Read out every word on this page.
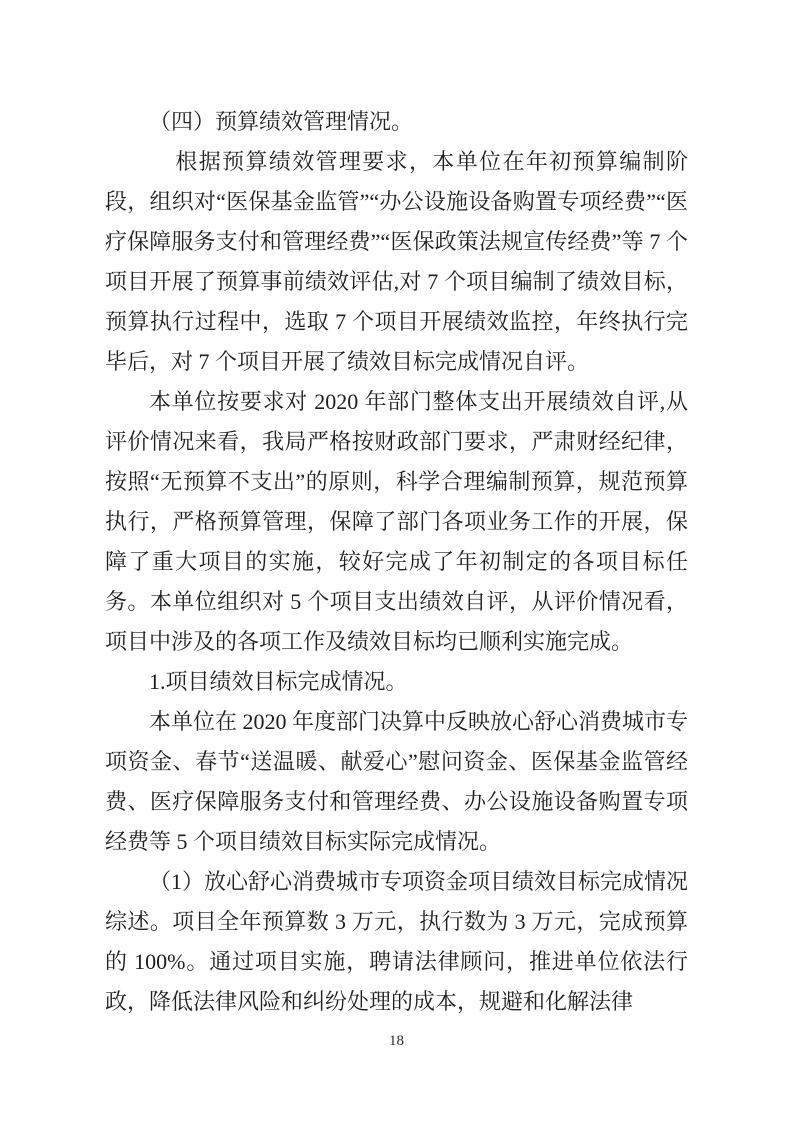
（四）预算绩效管理情况。

根据预算绩效管理要求，本单位在年初预算编制阶段，组织对“医保基金监管”“办公设施设备购置专项经费”“医疗保障服务支付和管理经费”“医保政策法规宣传经费”等 7 个项目开展了预算事前绩效评估,对 7 个项目编制了绩效目标，预算执行过程中，选取 7 个项目开展绩效监控，年终执行完毕后，对 7 个项目开展了绩效目标完成情况自评。

本单位按要求对 2020 年部门整体支出开展绩效自评,从评价情况来看，我局严格按财政部门要求，严肃财经纪律，按照“无预算不支出”的原则，科学合理编制预算，规范预算执行，严格预算管理，保障了部门各项业务工作的开展，保障了重大项目的实施，较好完成了年初制定的各项目标任务。本单位组织对 5 个项目支出绩效自评，从评价情况看，项目中涉及的各项工作及绩效目标均已顺利实施完成。

1.项目绩效目标完成情况。

本单位在 2020 年度部门决算中反映放心舒心消费城市专项资金、春节“送温暖、献爱心”慰问资金、医保基金监管经费、医疗保障服务支付和管理经费、办公设施设备购置专项经费等 5 个项目绩效目标实际完成情况。

（1）放心舒心消费城市专项资金项目绩效目标完成情况综述。项目全年预算数 3 万元，执行数为 3 万元，完成预算的 100%。通过项目实施，聘请法律顾问，推进单位依法行政，降低法律风险和纠纷处理的成本，规避和化解法律

18
